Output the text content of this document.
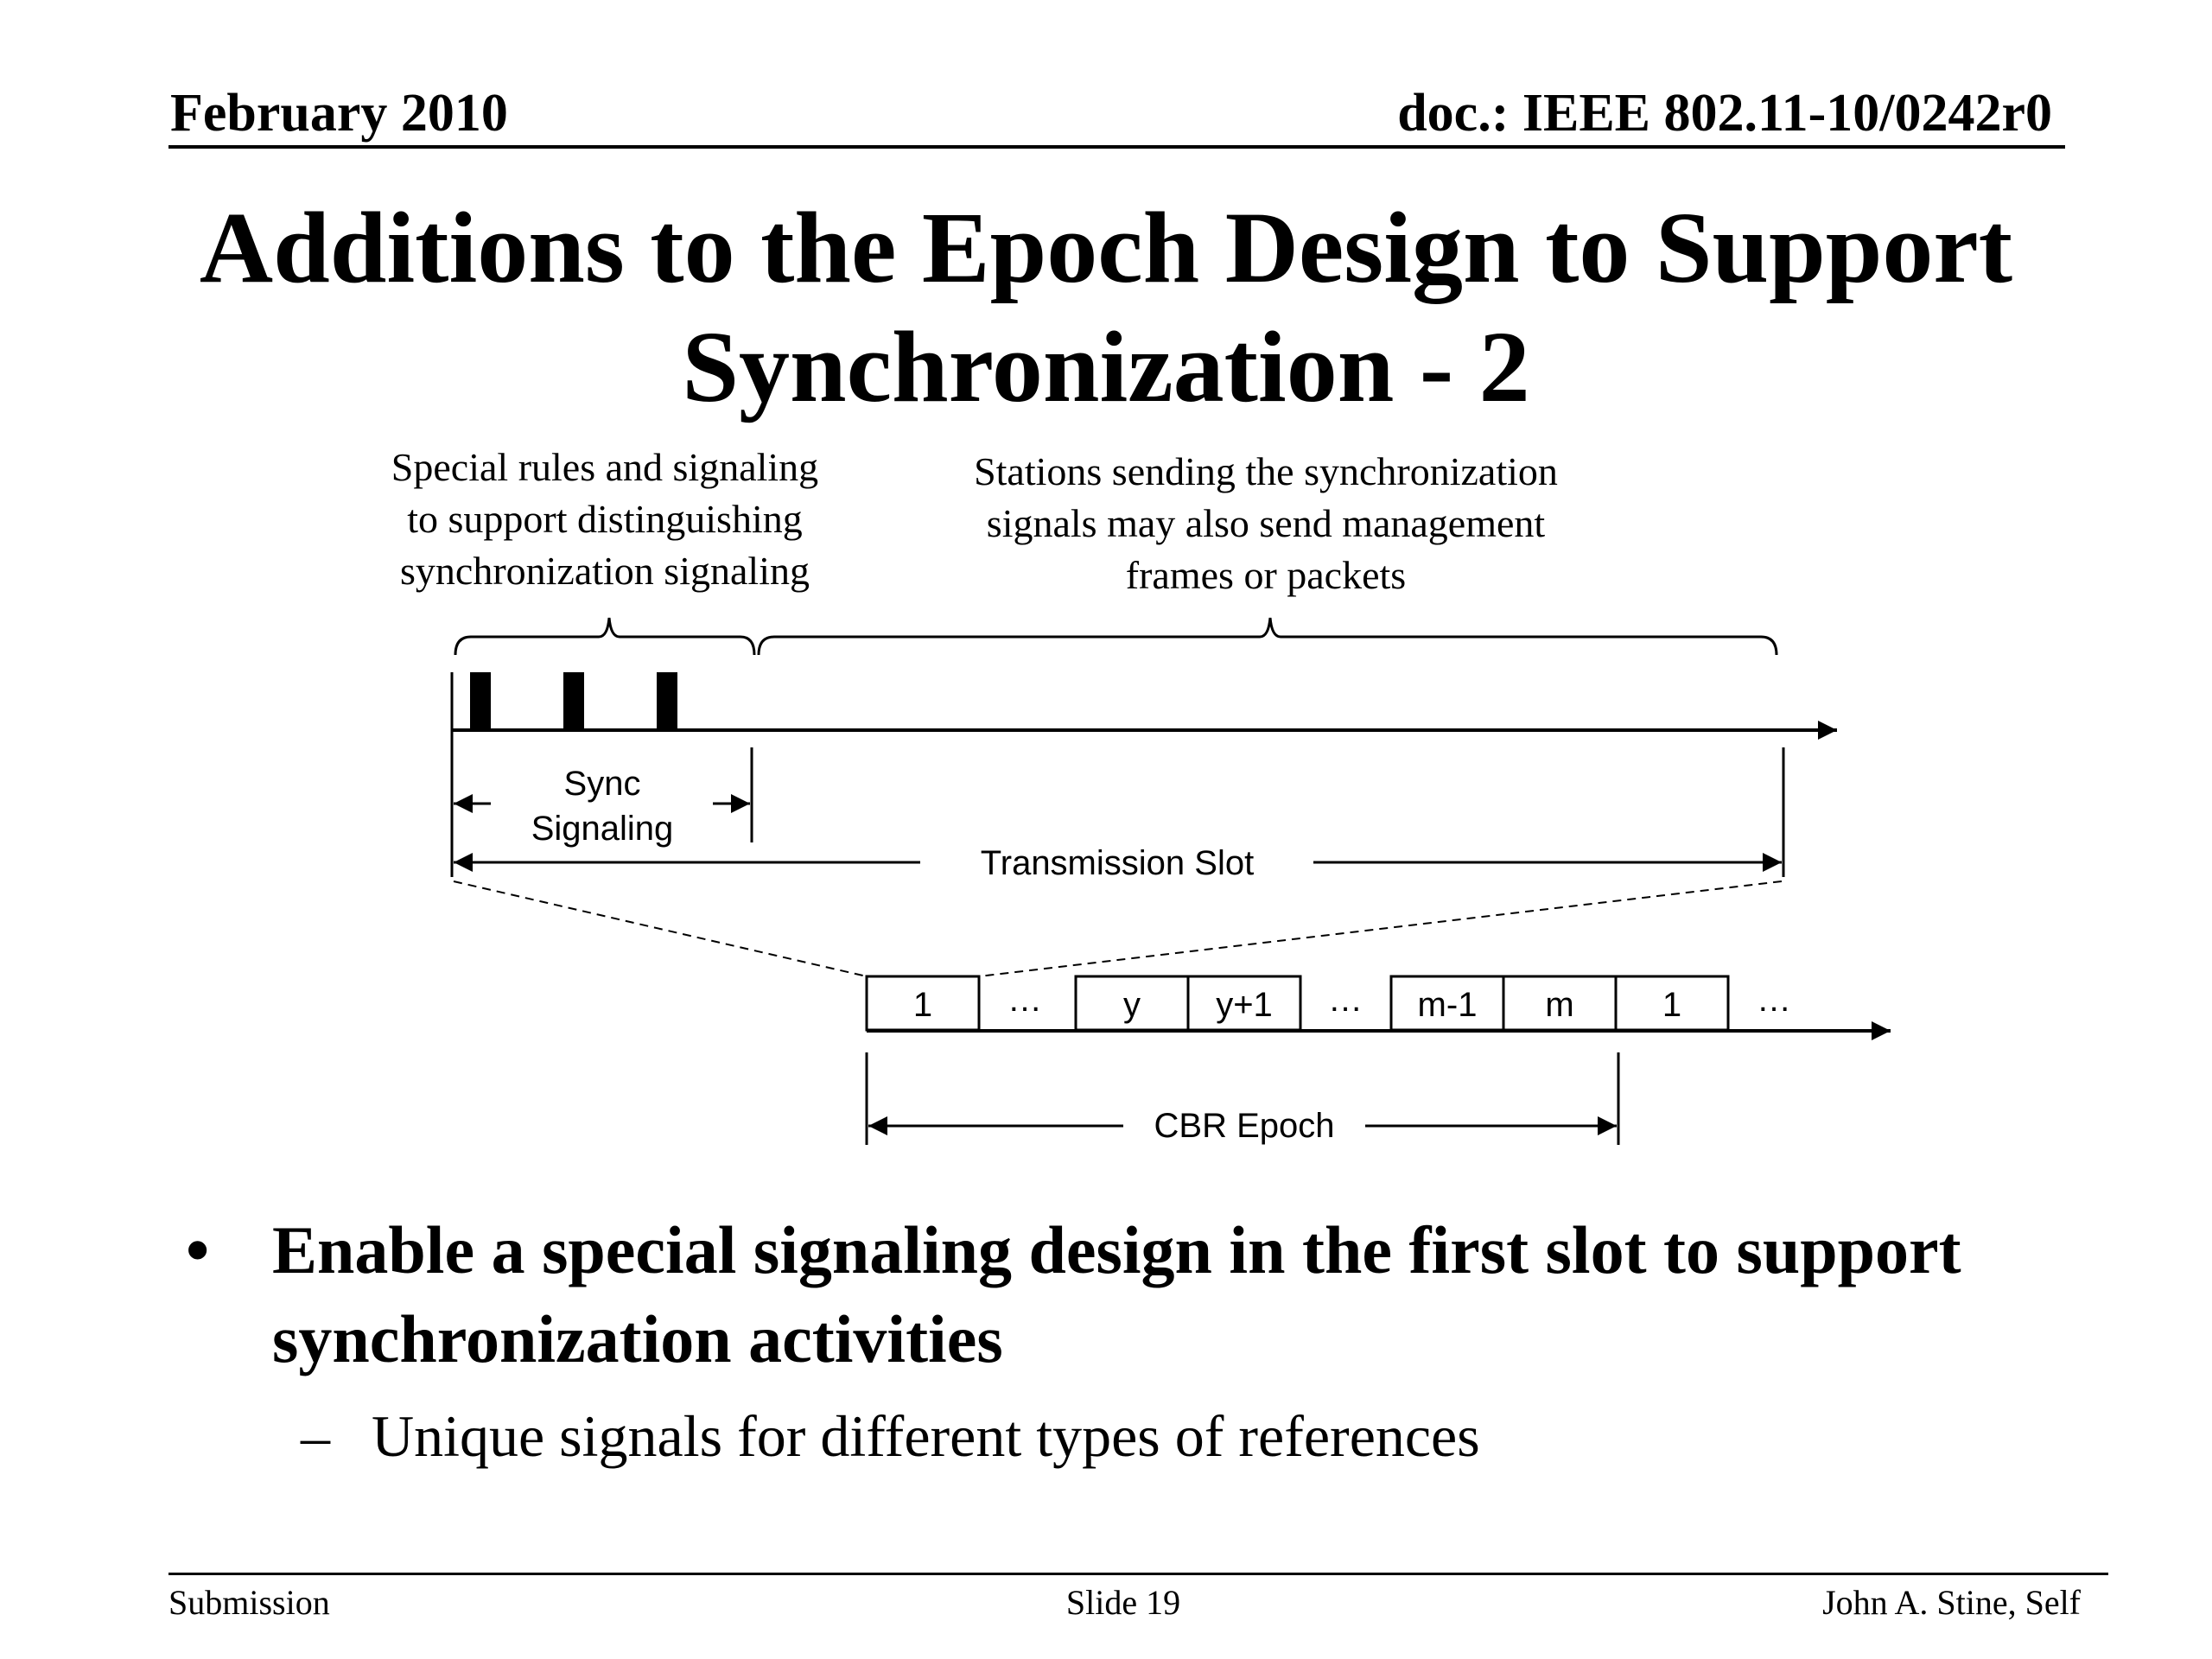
February 2010	doc.: IEEE 802.11-10/0242r0
Additions to the Epoch Design to Support
Synchronization - 2
Special rules and signaling
to support distinguishing
synchronization signaling
Stations sending the synchronization
signals may also send management
frames or packets
Sync
Signaling
Transmission Slot
1 … y y+1 … m-1 m	1 …
CBR Epoch
• Enable a special signaling design in the first slot to support synchronization activities
– Unique signals for different types of references
Submission	Slide 19	John A. Stine, Self
